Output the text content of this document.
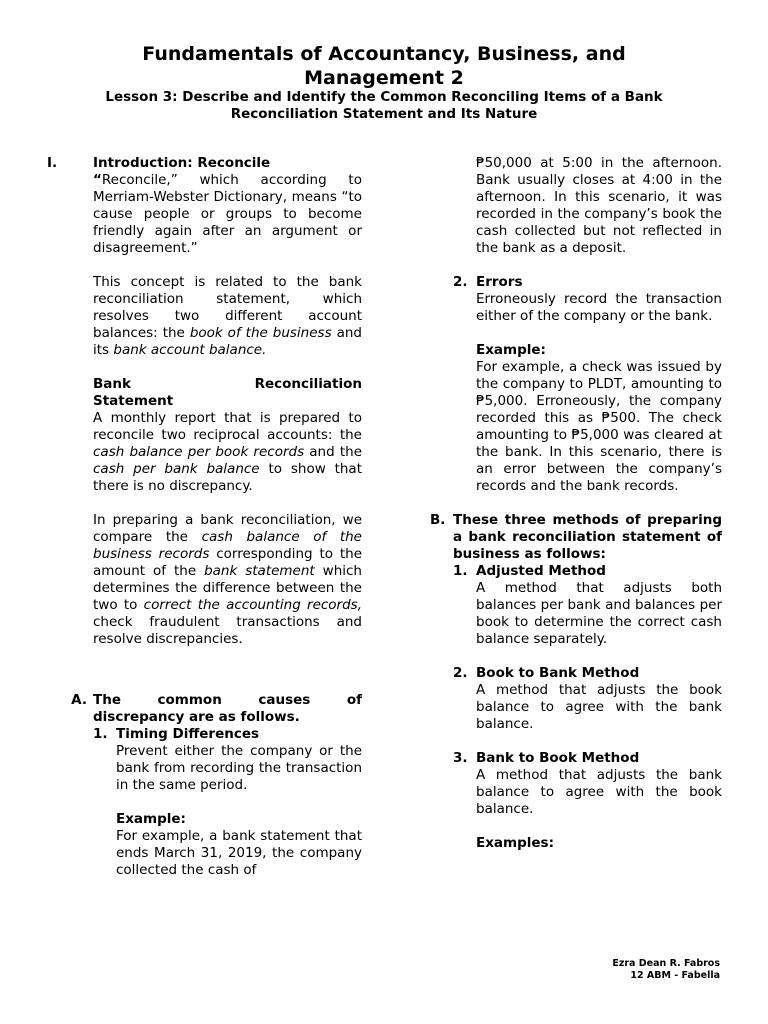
Fundamentals of Accountancy, Business, and
Management 2
Lesson 3: Describe and Identify the Common Reconciling Items of a Bank
Reconciliation Statement and Its Nature
I.	Introduction: Reconcile
“Reconcile,” which according to Merriam-Webster Dictionary, means “to cause people or groups to become friendly again after an argument or disagreement.”
This concept is related to the bank reconciliation statement, which resolves two different account balances: the book of the business and its bank account balance.
Bank Reconciliation Statement
A monthly report that is prepared to reconcile two reciprocal accounts: the cash balance per book records and the cash per bank balance to show that there is no discrepancy.
In preparing a bank reconciliation, we compare the cash balance of the business records corresponding to the amount of the bank statement which determines the difference between the two to correct the accounting records, check fraudulent transactions and resolve discrepancies.
A. The common causes of discrepancy are as follows.
1. Timing Differences
Prevent either the company or the bank from recording the transaction in the same period.
Example:
For example, a bank statement that ends March 31, 2019, the company collected the cash of
₱50,000 at 5:00 in the afternoon. Bank usually closes at 4:00 in the afternoon. In this scenario, it was recorded in the company’s book the cash collected but not reflected in the bank as a deposit.
2. Errors
Erroneously record the transaction either of the company or the bank.
Example:
For example, a check was issued by the company to PLDT, amounting to ₱5,000. Erroneously, the company recorded this as ₱500. The check amounting to ₱5,000 was cleared at the bank. In this scenario, there is an error between the company’s records and the bank records.
B. These three methods of preparing a bank reconciliation statement of business as follows:
1. Adjusted Method
A method that adjusts both balances per bank and balances per book to determine the correct cash balance separately.
2. Book to Bank Method
A method that adjusts the book balance to agree with the bank balance.
3. Bank to Book Method
A method that adjusts the bank balance to agree with the book balance.
Examples:
Ezra Dean R. Fabros
12 ABM - Fabella
